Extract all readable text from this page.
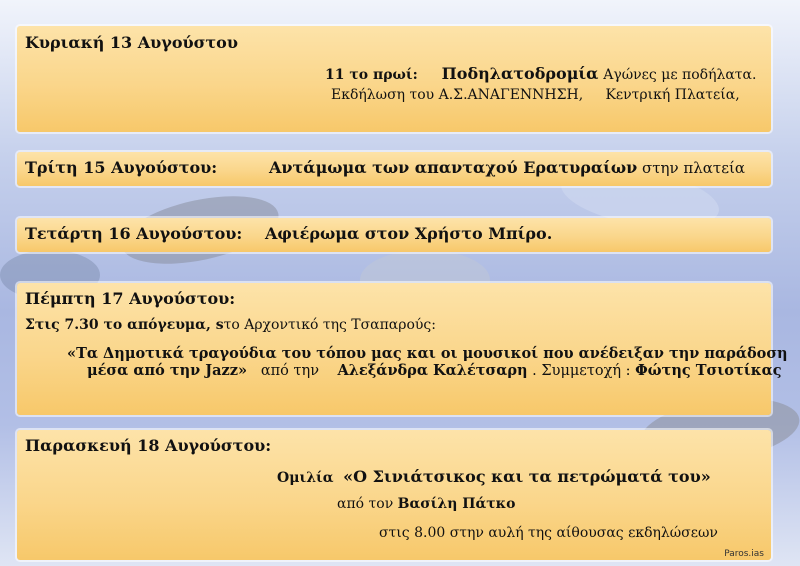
Κυριακή 13 Αυγούστου
11 το πρωί: Ποδηλατοδρομία Αγώνες με ποδήλατα.
Εκδήλωση του Α.Σ.ΑΝΑΓΕΝΝΗΣΗ, Κεντρική Πλατεία,
Τρίτη 15 Αυγούστου:	Αντάμωμα των απανταχού Ερατυραίων στην πλατεία
Τετάρτη 16 Αυγούστου: Αφιέρωμα στον Χρήστο Μπίρο.
Πέμπτη 17 Αυγούστου:
Στις 7.30 το απόγευμα, sτο Αρχοντικό της Τσαπαρούς:
«Τα Δημοτικά τραγούδια του τόπου μας και οι μουσικοί που ανέδειξαν την παράδοση
μέσα από την Jazz» από την Αλεξάνδρα Καλέτσαρη . Συμμετοχή : Φώτης Τσιοτίκας
Παρασκευή 18 Αυγούστου:
Ομιλία «Ο Σινιάτσικος και τα πετρώματά του»
από τον Βασίλη Πάτκο
στις 8.00 στην αυλή της αίθουσας εκδηλώσεων
Paros.ias
